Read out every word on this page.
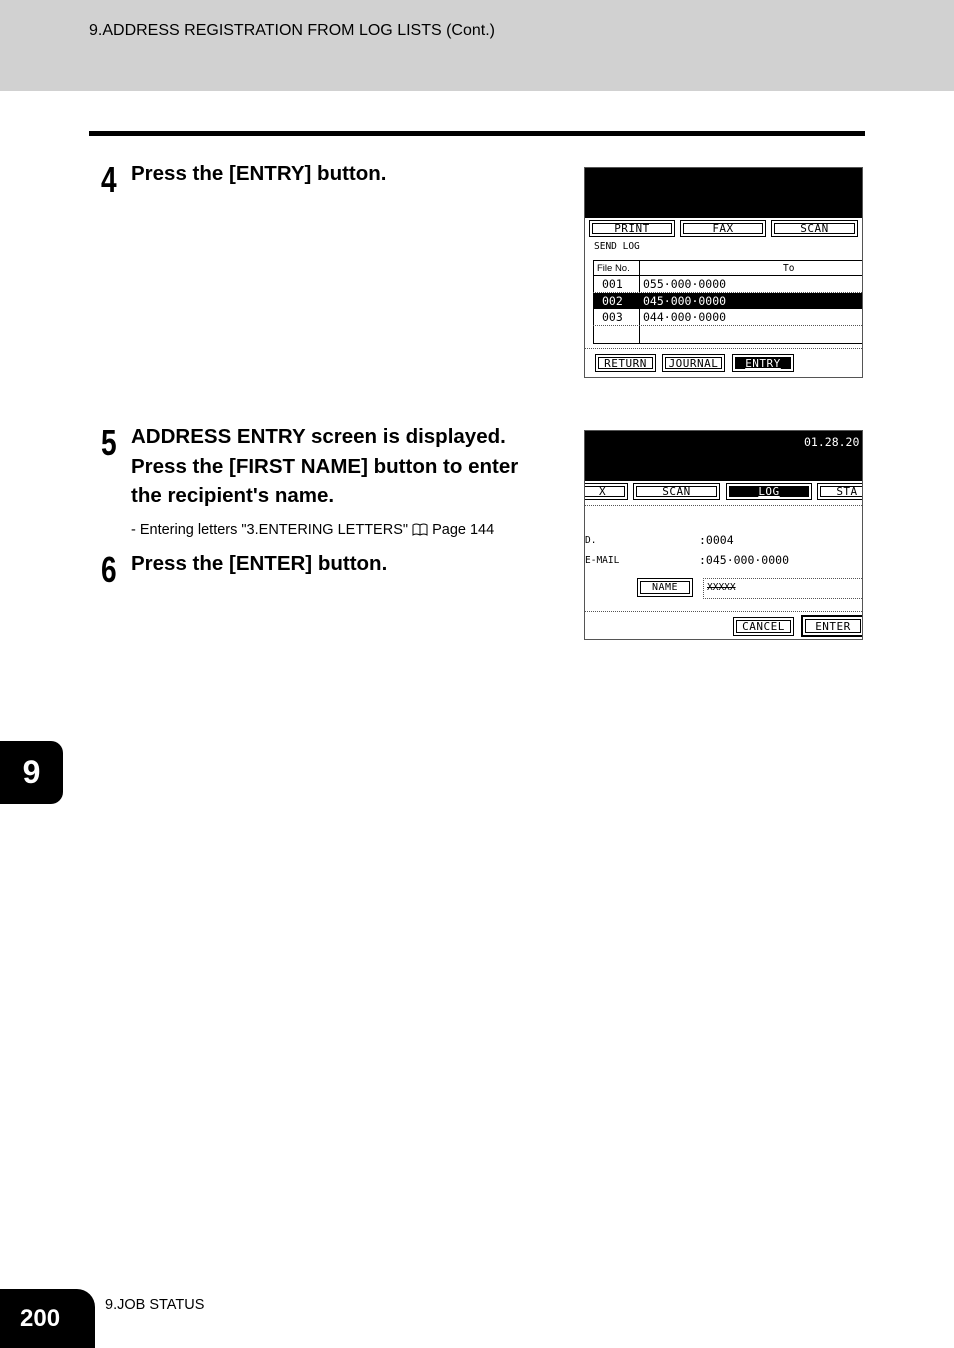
9.ADDRESS REGISTRATION FROM LOG LISTS (Cont.)
4 Press the [ENTRY] button.
5 ADDRESS ENTRY screen is displayed.
Press the [FIRST NAME] button to enter
the recipient's name.
- Entering letters "3.ENTERING LETTERS" Page 144
6 Press the [ENTER] button.
PRINT	FAX	SCAN
SEND LOG
File No.	To
001 055·000·0000
002 045·000·0000
003 044·000·0000
RETURN JOURNAL ENTRY
01.28.20
X	SCAN	LOG	STA
D.	:0004
E-MAIL	:045·000·0000
NAME	XXXXX
CANCEL	ENTER
9
200	9.JOB STATUS
